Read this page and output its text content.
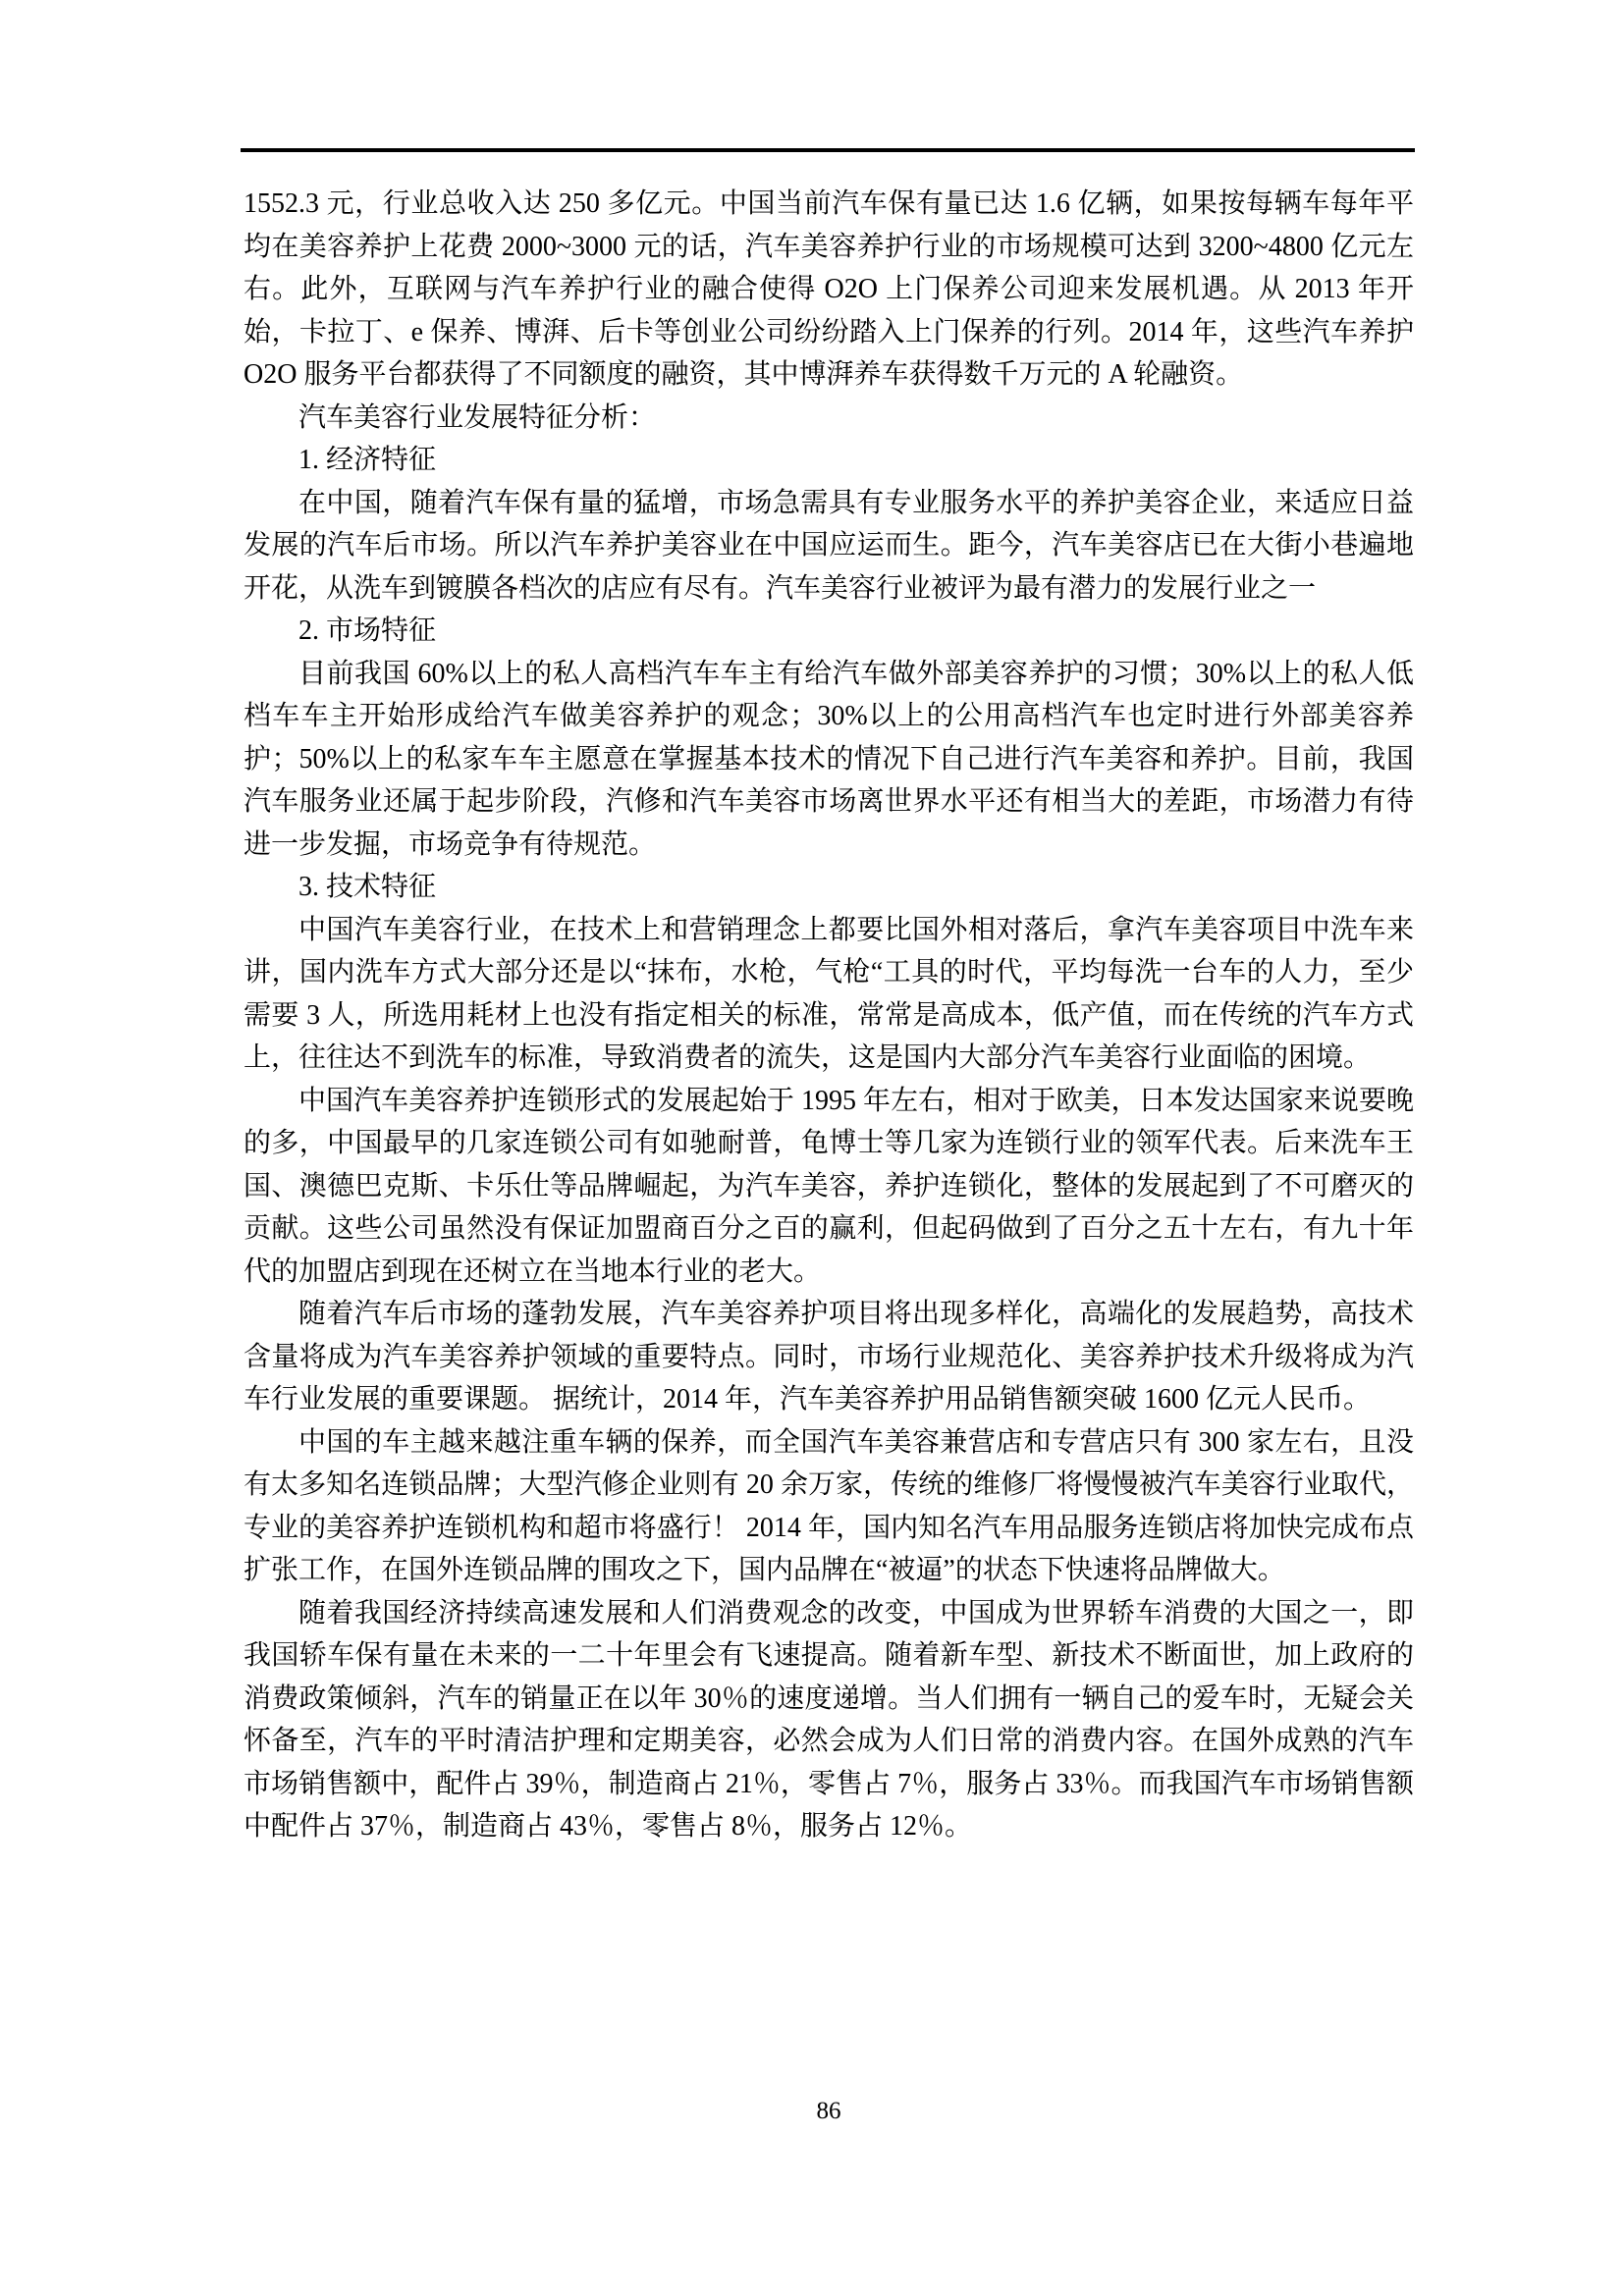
1552.3 元，行业总收入达 250 多亿元。中国当前汽车保有量已达 1.6 亿辆，如果按每辆车每年平均在美容养护上花费 2000~3000 元的话，汽车美容养护行业的市场规模可达到 3200~4800 亿元左右。此外，互联网与汽车养护行业的融合使得 O2O 上门保养公司迎来发展机遇。从 2013 年开始，卡拉丁、e 保养、博湃、后卡等创业公司纷纷踏入上门保养的行列。2014 年，这些汽车养护 O2O 服务平台都获得了不同额度的融资，其中博湃养车获得数千万元的 A 轮融资。

汽车美容行业发展特征分析：

1. 经济特征

在中国，随着汽车保有量的猛增，市场急需具有专业服务水平的养护美容企业，来适应日益发展的汽车后市场。所以汽车养护美容业在中国应运而生。距今，汽车美容店已在大街小巷遍地开花，从洗车到镀膜各档次的店应有尽有。汽车美容行业被评为最有潜力的发展行业之一

2. 市场特征

目前我国 60%以上的私人高档汽车车主有给汽车做外部美容养护的习惯；30%以上的私人低档车车主开始形成给汽车做美容养护的观念；30%以上的公用高档汽车也定时进行外部美容养护；50%以上的私家车车主愿意在掌握基本技术的情况下自己进行汽车美容和养护。目前，我国汽车服务业还属于起步阶段，汽修和汽车美容市场离世界水平还有相当大的差距，市场潜力有待进一步发掘，市场竞争有待规范。

3. 技术特征

中国汽车美容行业，在技术上和营销理念上都要比国外相对落后，拿汽车美容项目中洗车来讲，国内洗车方式大部分还是以“抹布，水枪，气枪“工具的时代，平均每洗一台车的人力，至少需要 3 人，所选用耗材上也没有指定相关的标准，常常是高成本，低产值，而在传统的汽车方式上，往往达不到洗车的标准，导致消费者的流失，这是国内大部分汽车美容行业面临的困境。

中国汽车美容养护连锁形式的发展起始于 1995 年左右，相对于欧美，日本发达国家来说要晚的多，中国最早的几家连锁公司有如驰耐普，龟博士等几家为连锁行业的领军代表。后来洗车王国、澳德巴克斯、卡乐仕等品牌崛起，为汽车美容，养护连锁化，整体的发展起到了不可磨灭的贡献。这些公司虽然没有保证加盟商百分之百的赢利，但起码做到了百分之五十左右，有九十年代的加盟店到现在还树立在当地本行业的老大。

随着汽车后市场的蓬勃发展，汽车美容养护项目将出现多样化，高端化的发展趋势，高技术含量将成为汽车美容养护领域的重要特点。同时，市场行业规范化、美容养护技术升级将成为汽车行业发展的重要课题。 据统计，2014 年，汽车美容养护用品销售额突破 1600 亿元人民币。

中国的车主越来越注重车辆的保养，而全国汽车美容兼营店和专营店只有 300 家左右，且没有太多知名连锁品牌；大型汽修企业则有 20 余万家，传统的维修厂将慢慢被汽车美容行业取代，专业的美容养护连锁机构和超市将盛行！ 2014 年，国内知名汽车用品服务连锁店将加快完成布点扩张工作，在国外连锁品牌的围攻之下，国内品牌在“被逼”的状态下快速将品牌做大。

随着我国经济持续高速发展和人们消费观念的改变，中国成为世界轿车消费的大国之一，即我国轿车保有量在未来的一二十年里会有飞速提高。随着新车型、新技术不断面世，加上政府的消费政策倾斜，汽车的销量正在以年 30％的速度递增。当人们拥有一辆自己的爱车时，无疑会关怀备至，汽车的平时清洁护理和定期美容，必然会成为人们日常的消费内容。在国外成熟的汽车市场销售额中，配件占 39％，制造商占 21％，零售占 7％，服务占 33％。而我国汽车市场销售额中配件占 37％，制造商占 43％，零售占 8％，服务占 12％。

86
